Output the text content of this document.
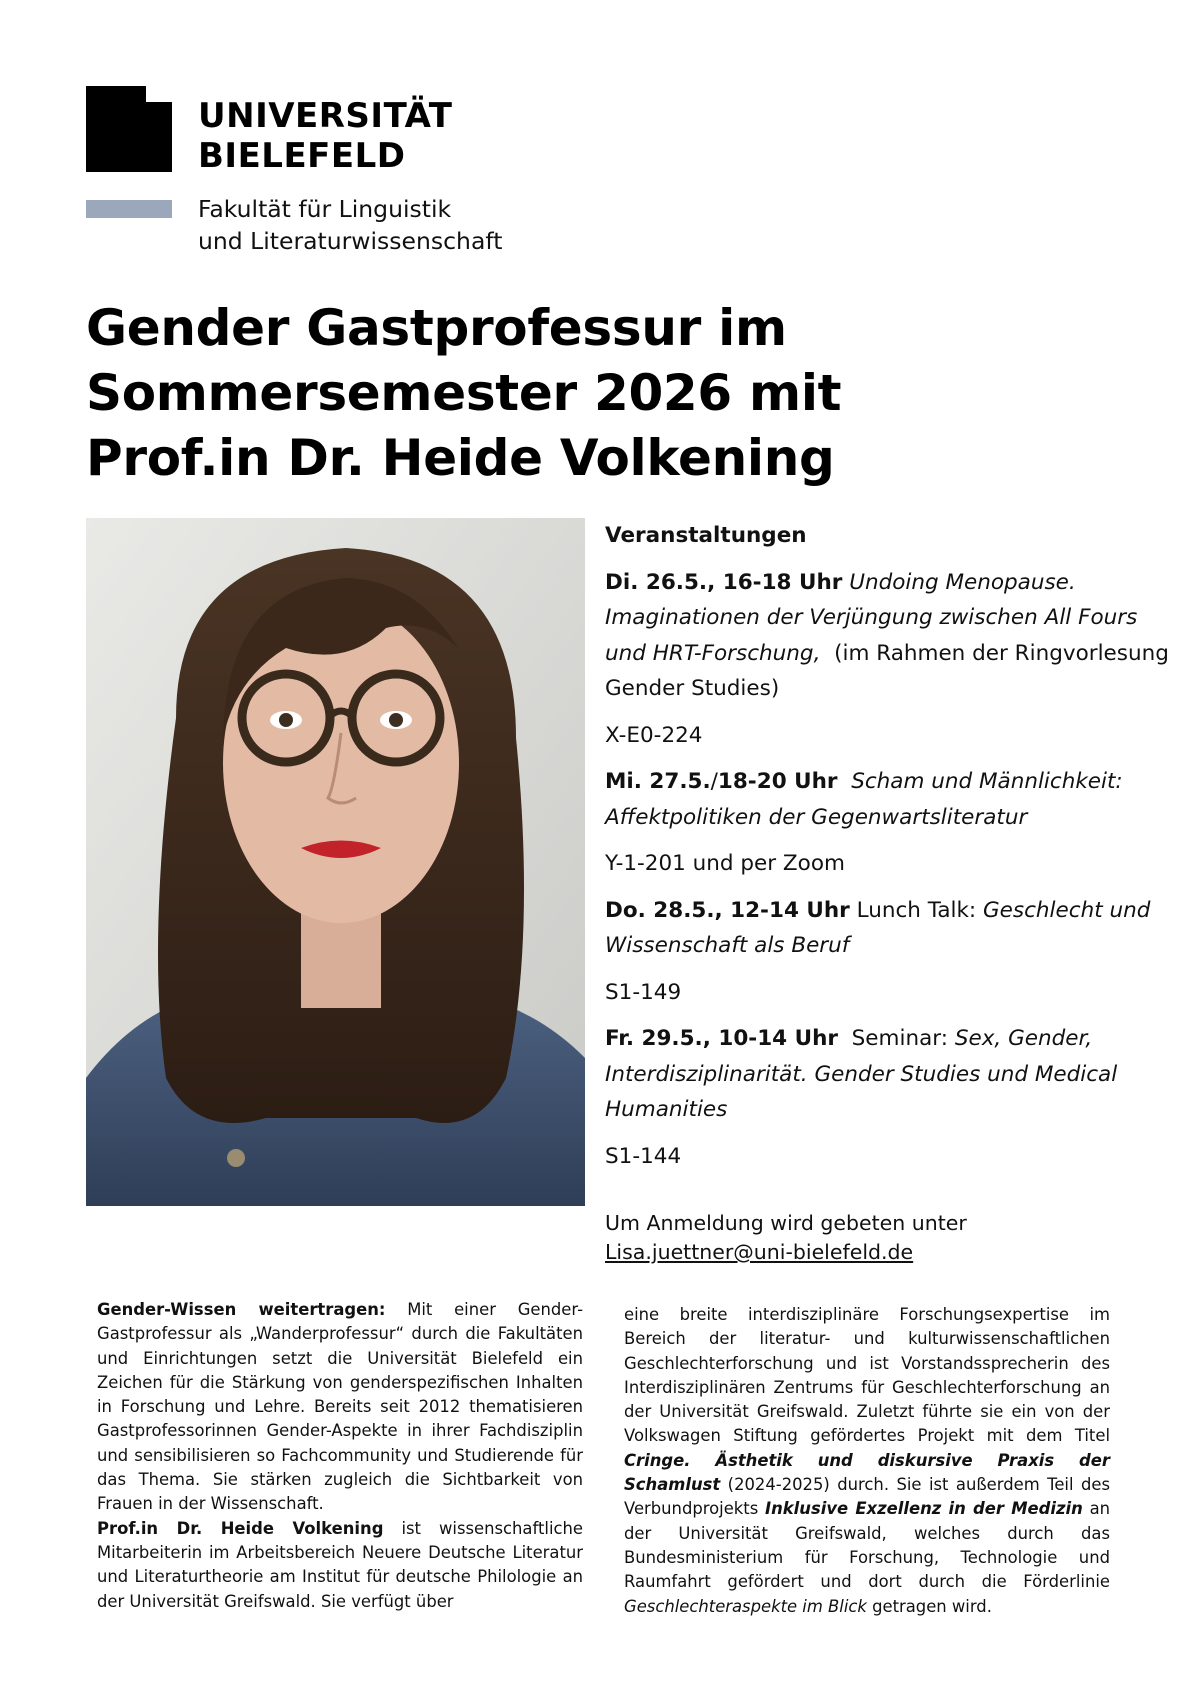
UNIVERSITÄT
BIELEFELD
Fakultät für Linguistik
und Literaturwissenschaft
Gender Gastprofessur im
Sommersemester 2026 mit
Prof.in Dr. Heide Volkening
Veranstaltungen
Di. 26.5., 16-18 Uhr Undoing Menopause. Imaginationen der Verjüngung zwischen All Fours und HRT-Forschung, (im Rahmen der Ringvorlesung Gender Studies)
X-E0-224
Mi. 27.5./18-20 Uhr Scham und Männlichkeit: Affektpolitiken der Gegenwartsliteratur
Y-1-201 und per Zoom
Do. 28.5., 12-14 Uhr Lunch Talk: Geschlecht und Wissenschaft als Beruf
S1-149
Fr. 29.5., 10-14 Uhr Seminar: Sex, Gender, Interdisziplinarität. Gender Studies und Medical Humanities
S1-144
Um Anmeldung wird gebeten unter
Lisa.juettner@uni-bielefeld.de
Gender-Wissen weitertragen: Mit einer Gender-Gastprofessur als „Wanderprofessur“ durch die Fakultäten und Einrichtungen setzt die Universität Bielefeld ein Zeichen für die Stärkung von genderspezifischen Inhalten in Forschung und Lehre. Bereits seit 2012 thematisieren Gastprofessorinnen Gender-Aspekte in ihrer Fachdisziplin und sensibilisieren so Fachcommunity und Studierende für das Thema. Sie stärken zugleich die Sichtbarkeit von Frauen in der Wissenschaft.
Prof.in Dr. Heide Volkening ist wissenschaftliche Mitarbeiterin im Arbeitsbereich Neuere Deutsche Literatur und Literaturtheorie am Institut für deutsche Philologie an der Universität Greifswald. Sie verfügt über
eine breite interdisziplinäre Forschungsexpertise im Bereich der literatur- und kulturwissenschaftlichen Geschlechterforschung und ist Vorstandssprecherin des Interdisziplinären Zentrums für Geschlechterforschung an der Universität Greifswald. Zuletzt führte sie ein von der Volkswagen Stiftung gefördertes Projekt mit dem Titel Cringe. Ästhetik und diskursive Praxis der Schamlust (2024-2025) durch. Sie ist außerdem Teil des Verbundprojekts Inklusive Exzellenz in der Medizin an der Universität Greifswald, welches durch das Bundesministerium für Forschung, Technologie und Raumfahrt gefördert und dort durch die Förderlinie Geschlechteraspekte im Blick getragen wird.
